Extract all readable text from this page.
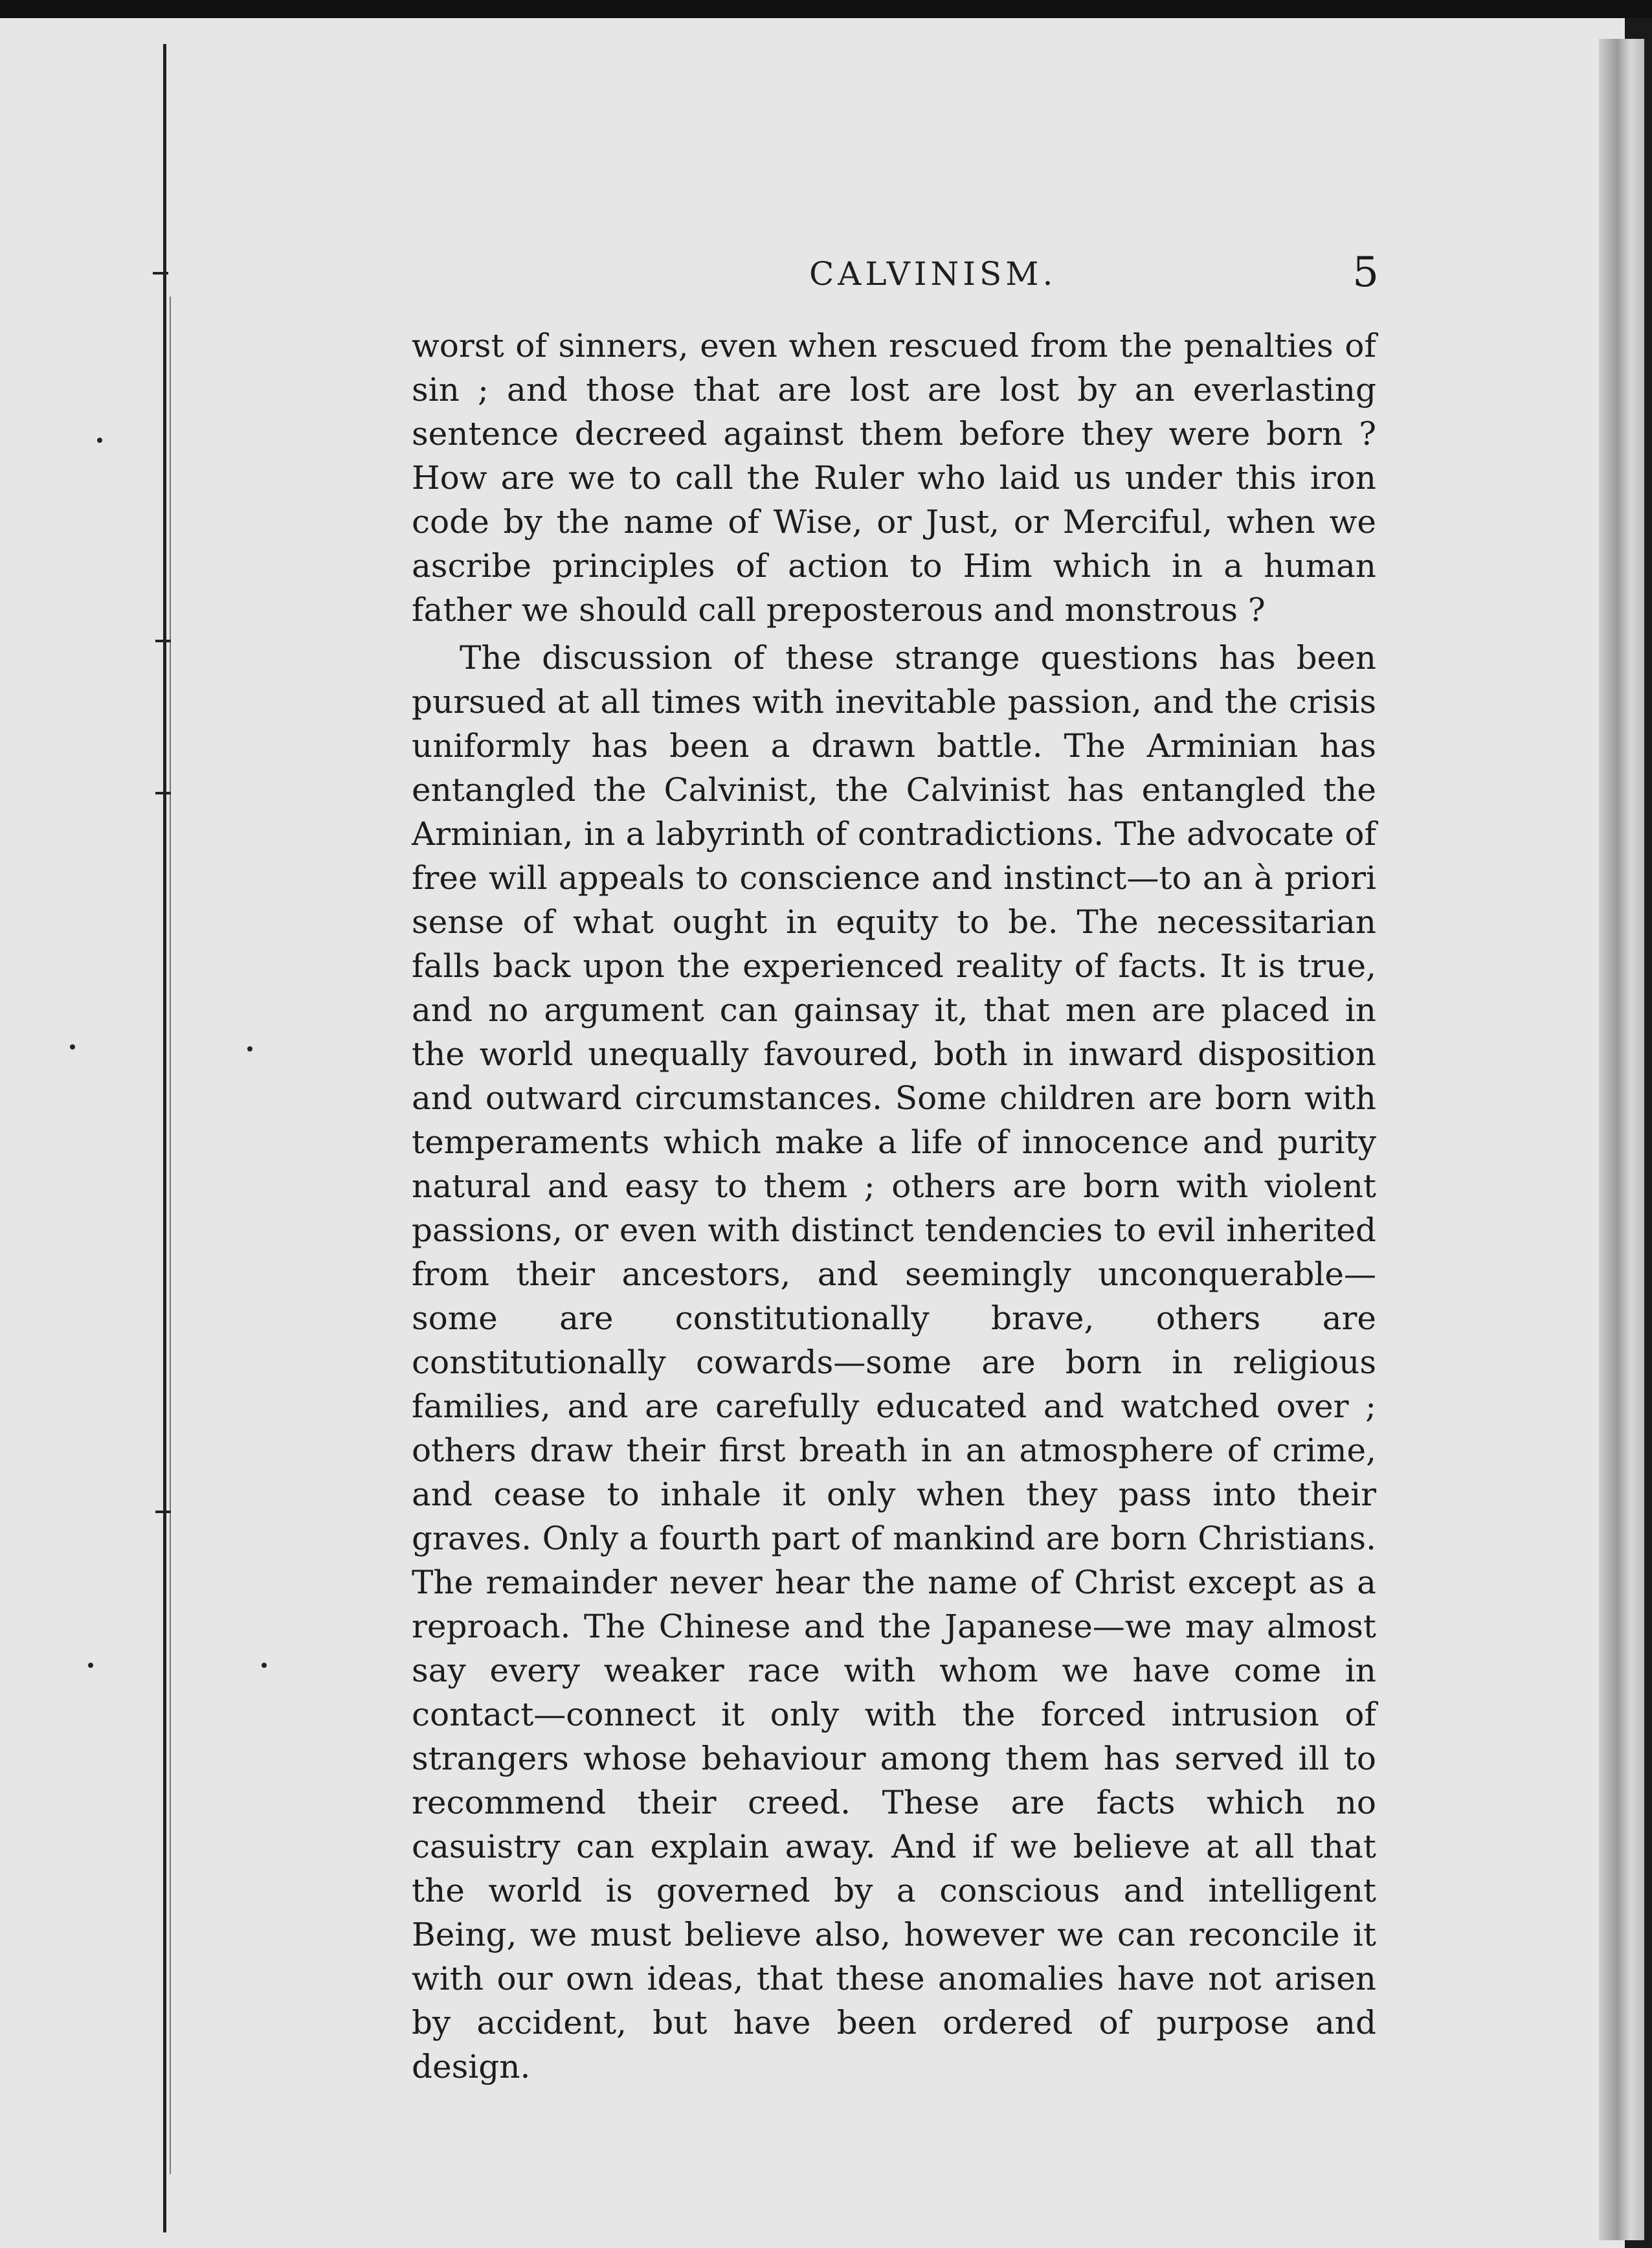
CALVINISM.	5

worst of sinners, even when rescued from the penalties of sin ; and those that are lost are lost by an everlasting sentence decreed against them before they were born ? How are we to call the Ruler who laid us under this iron code by the name of Wise, or Just, or Merciful, when we ascribe principles of action to Him which in a human father we should call preposterous and monstrous ?

The discussion of these strange questions has been pursued at all times with inevitable passion, and the crisis uniformly has been a drawn battle. The Arminian has entangled the Calvinist, the Calvinist has entangled the Arminian, in a labyrinth of contradictions. The advocate of free will appeals to conscience and instinct—to an à priori sense of what ought in equity to be. The necessitarian falls back upon the experienced reality of facts. It is true, and no argument can gainsay it, that men are placed in the world unequally favoured, both in inward disposition and outward circumstances. Some children are born with temperaments which make a life of innocence and purity natural and easy to them ; others are born with violent passions, or even with distinct tendencies to evil inherited from their ancestors, and seemingly unconquerable—some are constitutionally brave, others are constitutionally cowards—some are born in religious families, and are carefully educated and watched over ; others draw their first breath in an atmosphere of crime, and cease to inhale it only when they pass into their graves. Only a fourth part of mankind are born Christians. The remainder never hear the name of Christ except as a reproach. The Chinese and the Japanese—we may almost say every weaker race with whom we have come in contact—connect it only with the forced intrusion of strangers whose behaviour among them has served ill to recommend their creed. These are facts which no casuistry can explain away. And if we believe at all that the world is governed by a conscious and intelligent Being, we must believe also, however we can reconcile it with our own ideas, that these anomalies have not arisen by accident, but have been ordered of purpose and design.
